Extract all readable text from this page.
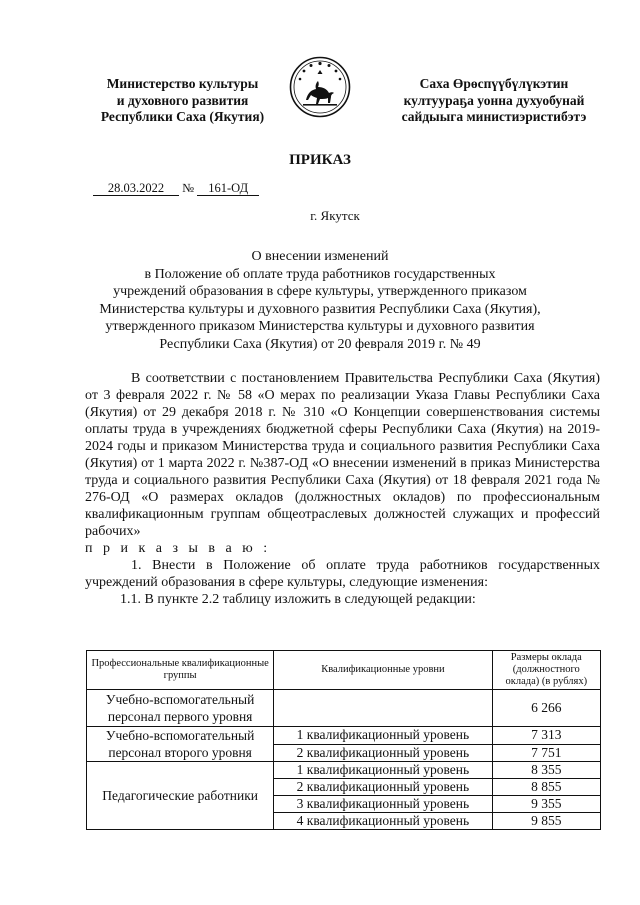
Министерство культуры
и духовного развития
Республики Саха (Якутия)
Саха Өрөспүүбүлүкэтин
култуураҕа уонна духуобунай
сайдыыга министиэристибэтэ
ПРИКАЗ
28.03.2022 № 161-ОД
г. Якутск
О внесении изменений
в Положение об оплате труда работников государственных
учреждений образования в сфере культуры, утвержденного приказом
Министерства культуры и духовного развития Республики Саха (Якутия),
утвержденного приказом Министерства культуры и духовного развития
Республики Саха (Якутия) от 20 февраля 2019 г. № 49

В соответствии с постановлением Правительства Республики Саха (Якутия) от 3 февраля 2022 г. № 58 «О мерах по реализации Указа Главы Республики Саха (Якутия) от 29 декабря 2018 г. № 310 «О Концепции совершенствования системы оплаты труда в учреждениях бюджетной сферы Республики Саха (Якутия) на 2019-2024 годы и приказом Министерства труда и социального развития Республики Саха (Якутия) от 1 марта 2022 г. №387-ОД «О внесении изменений в приказ Министерства труда и социального развития Республики Саха (Якутия) от 18 февраля 2021 года № 276-ОД «О размерах окладов (должностных окладов) по профессиональным квалификационным группам общеотраслевых должностей служащих и профессий рабочих»

п р и к а з ы в а ю :

1. Внести в Положение об оплате труда работников государственных учреждений образования в сфере культуры, следующие изменения:

1.1. В пункте 2.2 таблицу изложить в следующей редакции:

Профессиональные квалификационные группы	Квалификационные уровни	Размеры оклада (должностного оклада) (в рублях)
Учебно-вспомогательный персонал первого уровня		6 266
Учебно-вспомогательный персонал второго уровня	1 квалификационный уровень	7 313
	2 квалификационный уровень	7 751
Педагогические работники	1 квалификационный уровень	8 355
	2 квалификационный уровень	8 855
	3 квалификационный уровень	9 355
	4 квалификационный уровень	9 855
